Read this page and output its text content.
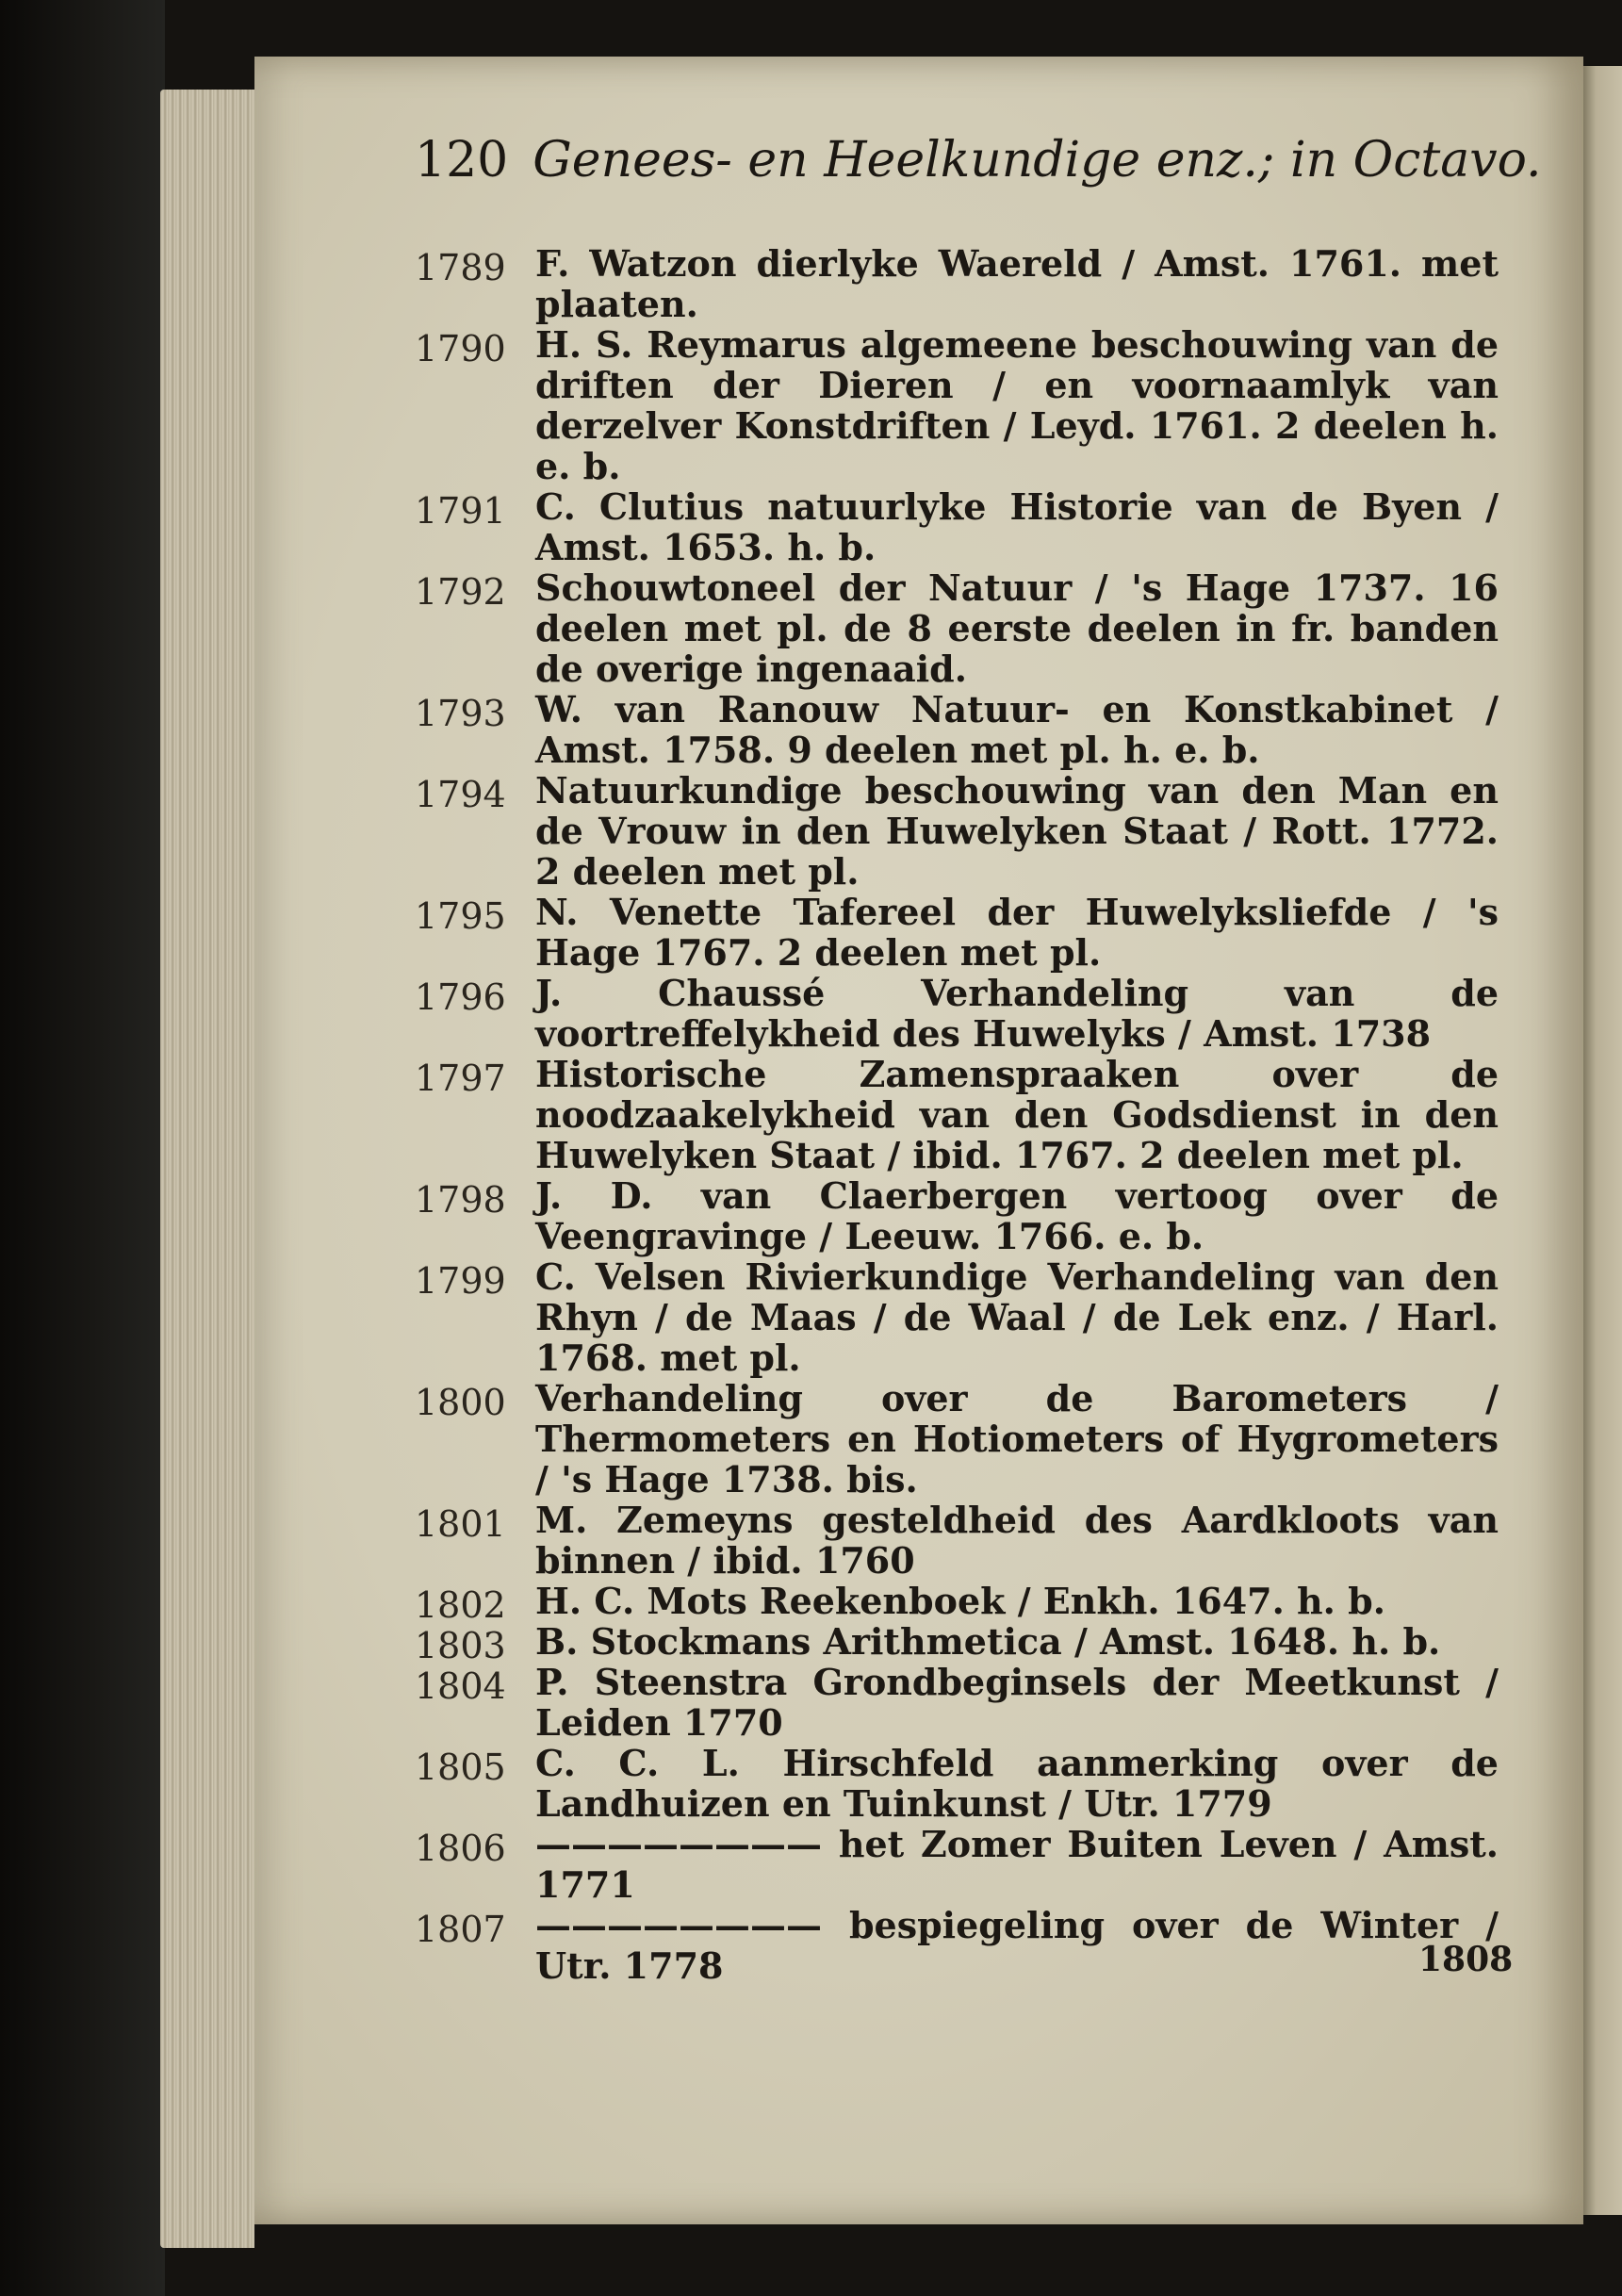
120 Genees- en Heelkundige enz.; in Octavo.
1789 F. Watzon dierlyke Waereld / Amst. 1761. met plaaten.
1790 H. S. Reymarus algemeene beschouwing van de driften der Dieren / en voornaamlyk van derzelver Konstdriften / Leyd. 1761. 2 deelen h. e. b.
1791 C. Clutius natuurlyke Historie van de Byen / Amst. 1653. h. b.
1792 Schouwtoneel der Natuur / 's Hage 1737. 16 deelen met pl. de 8 eerste deelen in fr. banden de overige ingenaaid.
1793 W. van Ranouw Natuur- en Konstkabinet / Amst. 1758. 9 deelen met pl. h. e. b.
1794 Natuurkundige beschouwing van den Man en de Vrouw in den Huwelyken Staat / Rott. 1772. 2 deelen met pl.
1795 N. Venette Tafereel der Huwelyksliefde / 's Hage 1767. 2 deelen met pl.
1796 J. Chaussé Verhandeling van de voortreffelykheid des Huwelyks / Amst. 1738
1797 Historische Zamenspraaken over de noodzaakelykheid van den Godsdienst in den Huwelyken Staat / ibid. 1767. 2 deelen met pl.
1798 J. D. van Claerbergen vertoog over de Veengravinge / Leeuw. 1766. e. b.
1799 C. Velsen Rivierkundige Verhandeling van den Rhyn / de Maas / de Waal / de Lek enz. / Harl. 1768. met pl.
1800 Verhandeling over de Barometers / Thermometers en Hotiometers of Hygrometers / 's Hage 1738. bis.
1801 M. Zemeyns gesteldheid des Aardkloots van binnen / ibid. 1760
1802 H. C. Mots Reekenboek / Enkh. 1647. h. b.
1803 B. Stockmans Arithmetica / Amst. 1648. h. b.
1804 P. Steenstra Grondbeginsels der Meetkunst / Leiden 1770
1805 C. C. L. Hirschfeld aanmerking over de Landhuizen en Tuinkunst / Utr. 1779
1806 ———————— het Zomer Buiten Leven / Amst. 1771
1807 ———————— bespiegeling over de Winter / Utr. 1778	1808
